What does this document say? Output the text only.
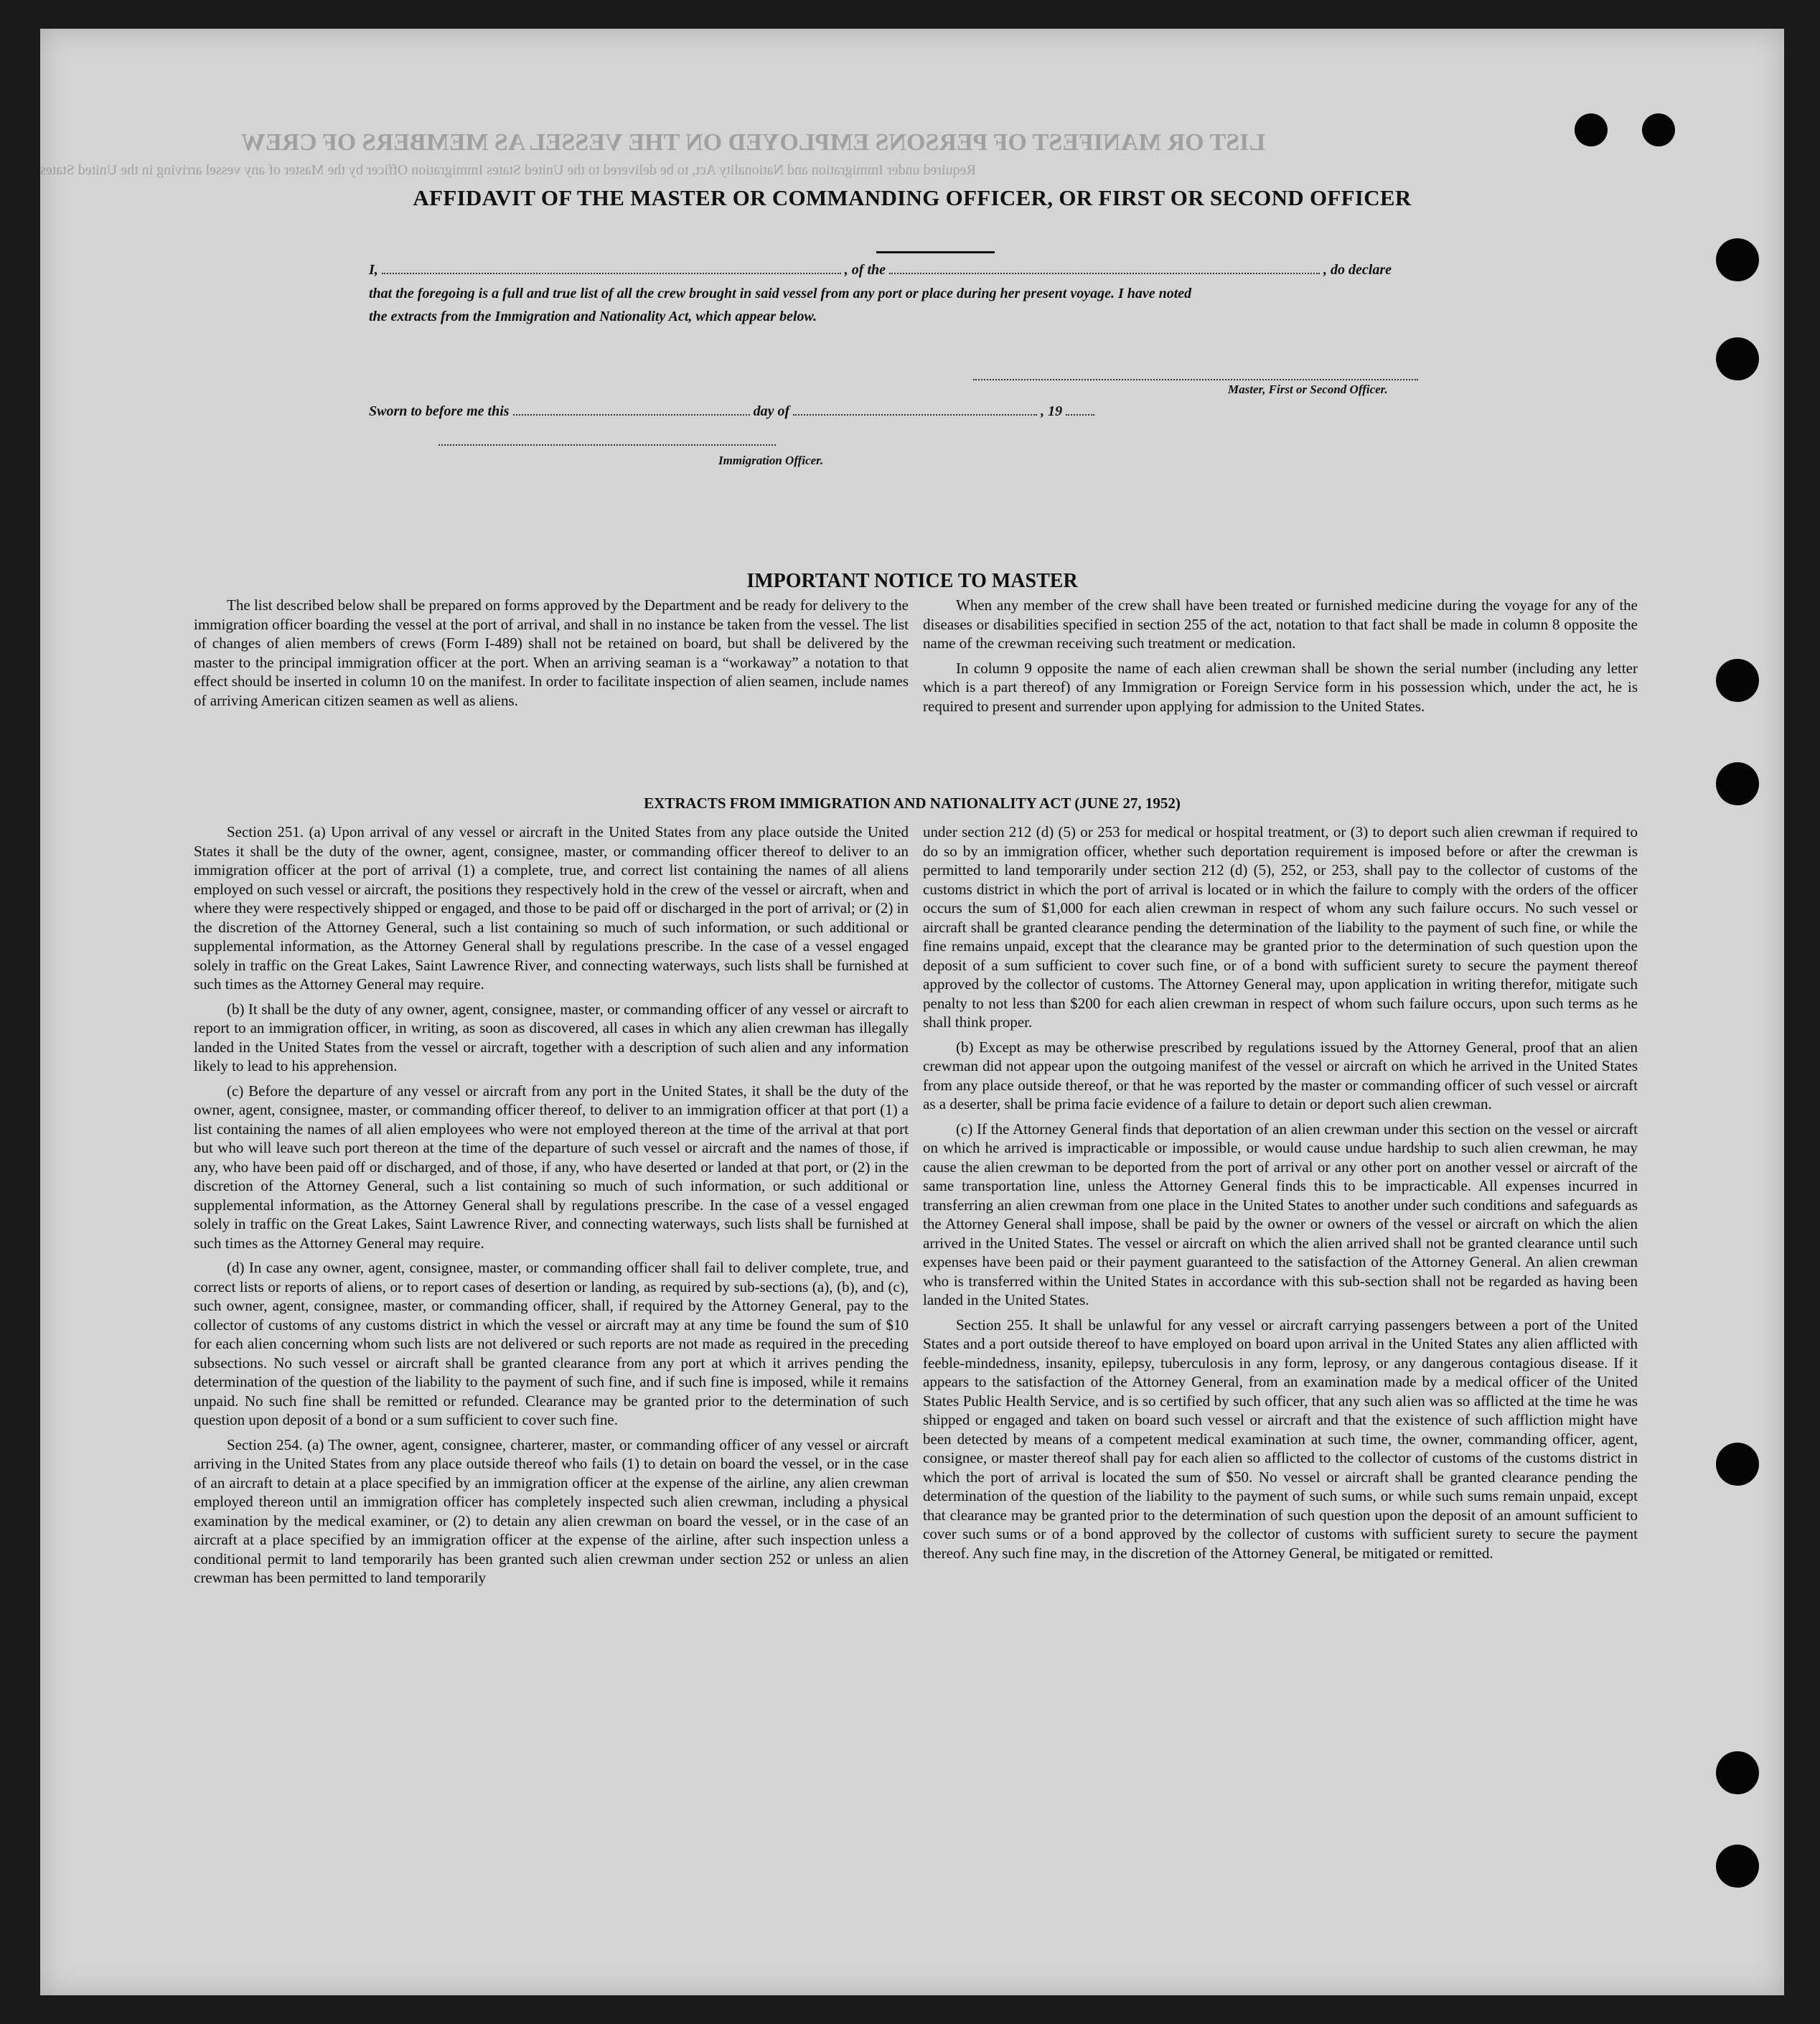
LIST OR MANIFEST OF PERSONS EMPLOYED ON THE VESSEL AS MEMBERS OF CREW
Required under Immigration and Nationality Act, to be delivered to the United States Immigration Officer by the Master of any vessel arriving in the United States
AFFIDAVIT OF THE MASTER OR COMMANDING OFFICER, OR FIRST OR SECOND OFFICER
I,	, of the	, do declare
that the foregoing is a full and true list of all the crew brought in said vessel from any port or place during her present voyage. I have noted
the extracts from the Immigration and Nationality Act, which appear below.
Master, First or Second Officer.
Sworn to before me this	day of	, 19
Immigration Officer.
IMPORTANT NOTICE TO MASTER

The list described below shall be prepared on forms approved by the Department and be ready for delivery to the immigration officer boarding the vessel at the port of arrival, and shall in no instance be taken from the vessel. The list of changes of alien members of crews (Form I-489) shall not be retained on board, but shall be delivered by the master to the principal immigration officer at the port. When an arriving seaman is a “workaway” a notation to that effect should be inserted in column 10 on the manifest. In order to facilitate inspection of alien seamen, include names of arriving American citizen seamen as well as aliens.

When any member of the crew shall have been treated or furnished medicine during the voyage for any of the diseases or disabilities specified in section 255 of the act, notation to that fact shall be made in column 8 opposite the name of the crewman receiving such treatment or medication.

In column 9 opposite the name of each alien crewman shall be shown the serial number (including any letter which is a part thereof) of any Immigration or Foreign Service form in his possession which, under the act, he is required to present and surrender upon applying for admission to the United States.

EXTRACTS FROM IMMIGRATION AND NATIONALITY ACT (JUNE 27, 1952)

Section 251. (a) Upon arrival of any vessel or aircraft in the United States from any place outside the United States it shall be the duty of the owner, agent, consignee, master, or commanding officer thereof to deliver to an immigration officer at the port of arrival (1) a complete, true, and correct list containing the names of all aliens employed on such vessel or aircraft, the positions they respectively hold in the crew of the vessel or aircraft, when and where they were respectively shipped or engaged, and those to be paid off or discharged in the port of arrival; or (2) in the discretion of the Attorney General, such a list containing so much of such information, or such additional or supplemental information, as the Attorney General shall by regulations prescribe. In the case of a vessel engaged solely in traffic on the Great Lakes, Saint Lawrence River, and connecting waterways, such lists shall be furnished at such times as the Attorney General may require.

(b) It shall be the duty of any owner, agent, consignee, master, or commanding officer of any vessel or aircraft to report to an immigration officer, in writing, as soon as discovered, all cases in which any alien crewman has illegally landed in the United States from the vessel or aircraft, together with a description of such alien and any information likely to lead to his apprehension.

(c) Before the departure of any vessel or aircraft from any port in the United States, it shall be the duty of the owner, agent, consignee, master, or commanding officer thereof, to deliver to an immigration officer at that port (1) a list containing the names of all alien employees who were not employed thereon at the time of the arrival at that port but who will leave such port thereon at the time of the departure of such vessel or aircraft and the names of those, if any, who have been paid off or discharged, and of those, if any, who have deserted or landed at that port, or (2) in the discretion of the Attorney General, such a list containing so much of such information, or such additional or supplemental information, as the Attorney General shall by regulations prescribe. In the case of a vessel engaged solely in traffic on the Great Lakes, Saint Lawrence River, and connecting waterways, such lists shall be furnished at such times as the Attorney General may require.

(d) In case any owner, agent, consignee, master, or commanding officer shall fail to deliver complete, true, and correct lists or reports of aliens, or to report cases of desertion or landing, as required by sub-sections (a), (b), and (c), such owner, agent, consignee, master, or commanding officer, shall, if required by the Attorney General, pay to the collector of customs of any customs district in which the vessel or aircraft may at any time be found the sum of $10 for each alien concerning whom such lists are not delivered or such reports are not made as required in the preceding subsections. No such vessel or aircraft shall be granted clearance from any port at which it arrives pending the determination of the question of the liability to the payment of such fine, and if such fine is imposed, while it remains unpaid. No such fine shall be remitted or refunded. Clearance may be granted prior to the determination of such question upon deposit of a bond or a sum sufficient to cover such fine.

Section 254. (a) The owner, agent, consignee, charterer, master, or commanding officer of any vessel or aircraft arriving in the United States from any place outside thereof who fails (1) to detain on board the vessel, or in the case of an aircraft to detain at a place specified by an immigration officer at the expense of the airline, any alien crewman employed thereon until an immigration officer has completely inspected such alien crewman, including a physical examination by the medical examiner, or (2) to detain any alien crewman on board the vessel, or in the case of an aircraft at a place specified by an immigration officer at the expense of the airline, after such inspection unless a conditional permit to land temporarily has been granted such alien crewman under section 252 or unless an alien crewman has been permitted to land temporarily

under section 212 (d) (5) or 253 for medical or hospital treatment, or (3) to deport such alien crewman if required to do so by an immigration officer, whether such deportation requirement is imposed before or after the crewman is permitted to land temporarily under section 212 (d) (5), 252, or 253, shall pay to the collector of customs of the customs district in which the port of arrival is located or in which the failure to comply with the orders of the officer occurs the sum of $1,000 for each alien crewman in respect of whom any such failure occurs. No such vessel or aircraft shall be granted clearance pending the determination of the liability to the payment of such fine, or while the fine remains unpaid, except that the clearance may be granted prior to the determination of such question upon the deposit of a sum sufficient to cover such fine, or of a bond with sufficient surety to secure the payment thereof approved by the collector of customs. The Attorney General may, upon application in writing therefor, mitigate such penalty to not less than $200 for each alien crewman in respect of whom such failure occurs, upon such terms as he shall think proper.

(b) Except as may be otherwise prescribed by regulations issued by the Attorney General, proof that an alien crewman did not appear upon the outgoing manifest of the vessel or aircraft on which he arrived in the United States from any place outside thereof, or that he was reported by the master or commanding officer of such vessel or aircraft as a deserter, shall be prima facie evidence of a failure to detain or deport such alien crewman.

(c) If the Attorney General finds that deportation of an alien crewman under this section on the vessel or aircraft on which he arrived is impracticable or impossible, or would cause undue hardship to such alien crewman, he may cause the alien crewman to be deported from the port of arrival or any other port on another vessel or aircraft of the same transportation line, unless the Attorney General finds this to be impracticable. All expenses incurred in transferring an alien crewman from one place in the United States to another under such conditions and safeguards as the Attorney General shall impose, shall be paid by the owner or owners of the vessel or aircraft on which the alien arrived in the United States. The vessel or aircraft on which the alien arrived shall not be granted clearance until such expenses have been paid or their payment guaranteed to the satisfaction of the Attorney General. An alien crewman who is transferred within the United States in accordance with this sub-section shall not be regarded as having been landed in the United States.

Section 255. It shall be unlawful for any vessel or aircraft carrying passengers between a port of the United States and a port outside thereof to have employed on board upon arrival in the United States any alien afflicted with feeble-mindedness, insanity, epilepsy, tuberculosis in any form, leprosy, or any dangerous contagious disease. If it appears to the satisfaction of the Attorney General, from an examination made by a medical officer of the United States Public Health Service, and is so certified by such officer, that any such alien was so afflicted at the time he was shipped or engaged and taken on board such vessel or aircraft and that the existence of such affliction might have been detected by means of a competent medical examination at such time, the owner, commanding officer, agent, consignee, or master thereof shall pay for each alien so afflicted to the collector of customs of the customs district in which the port of arrival is located the sum of $50. No vessel or aircraft shall be granted clearance pending the determination of the question of the liability to the payment of such sums, or while such sums remain unpaid, except that clearance may be granted prior to the determination of such question upon the deposit of an amount sufficient to cover such sums or of a bond approved by the collector of customs with sufficient surety to secure the payment thereof. Any such fine may, in the discretion of the Attorney General, be mitigated or remitted.
